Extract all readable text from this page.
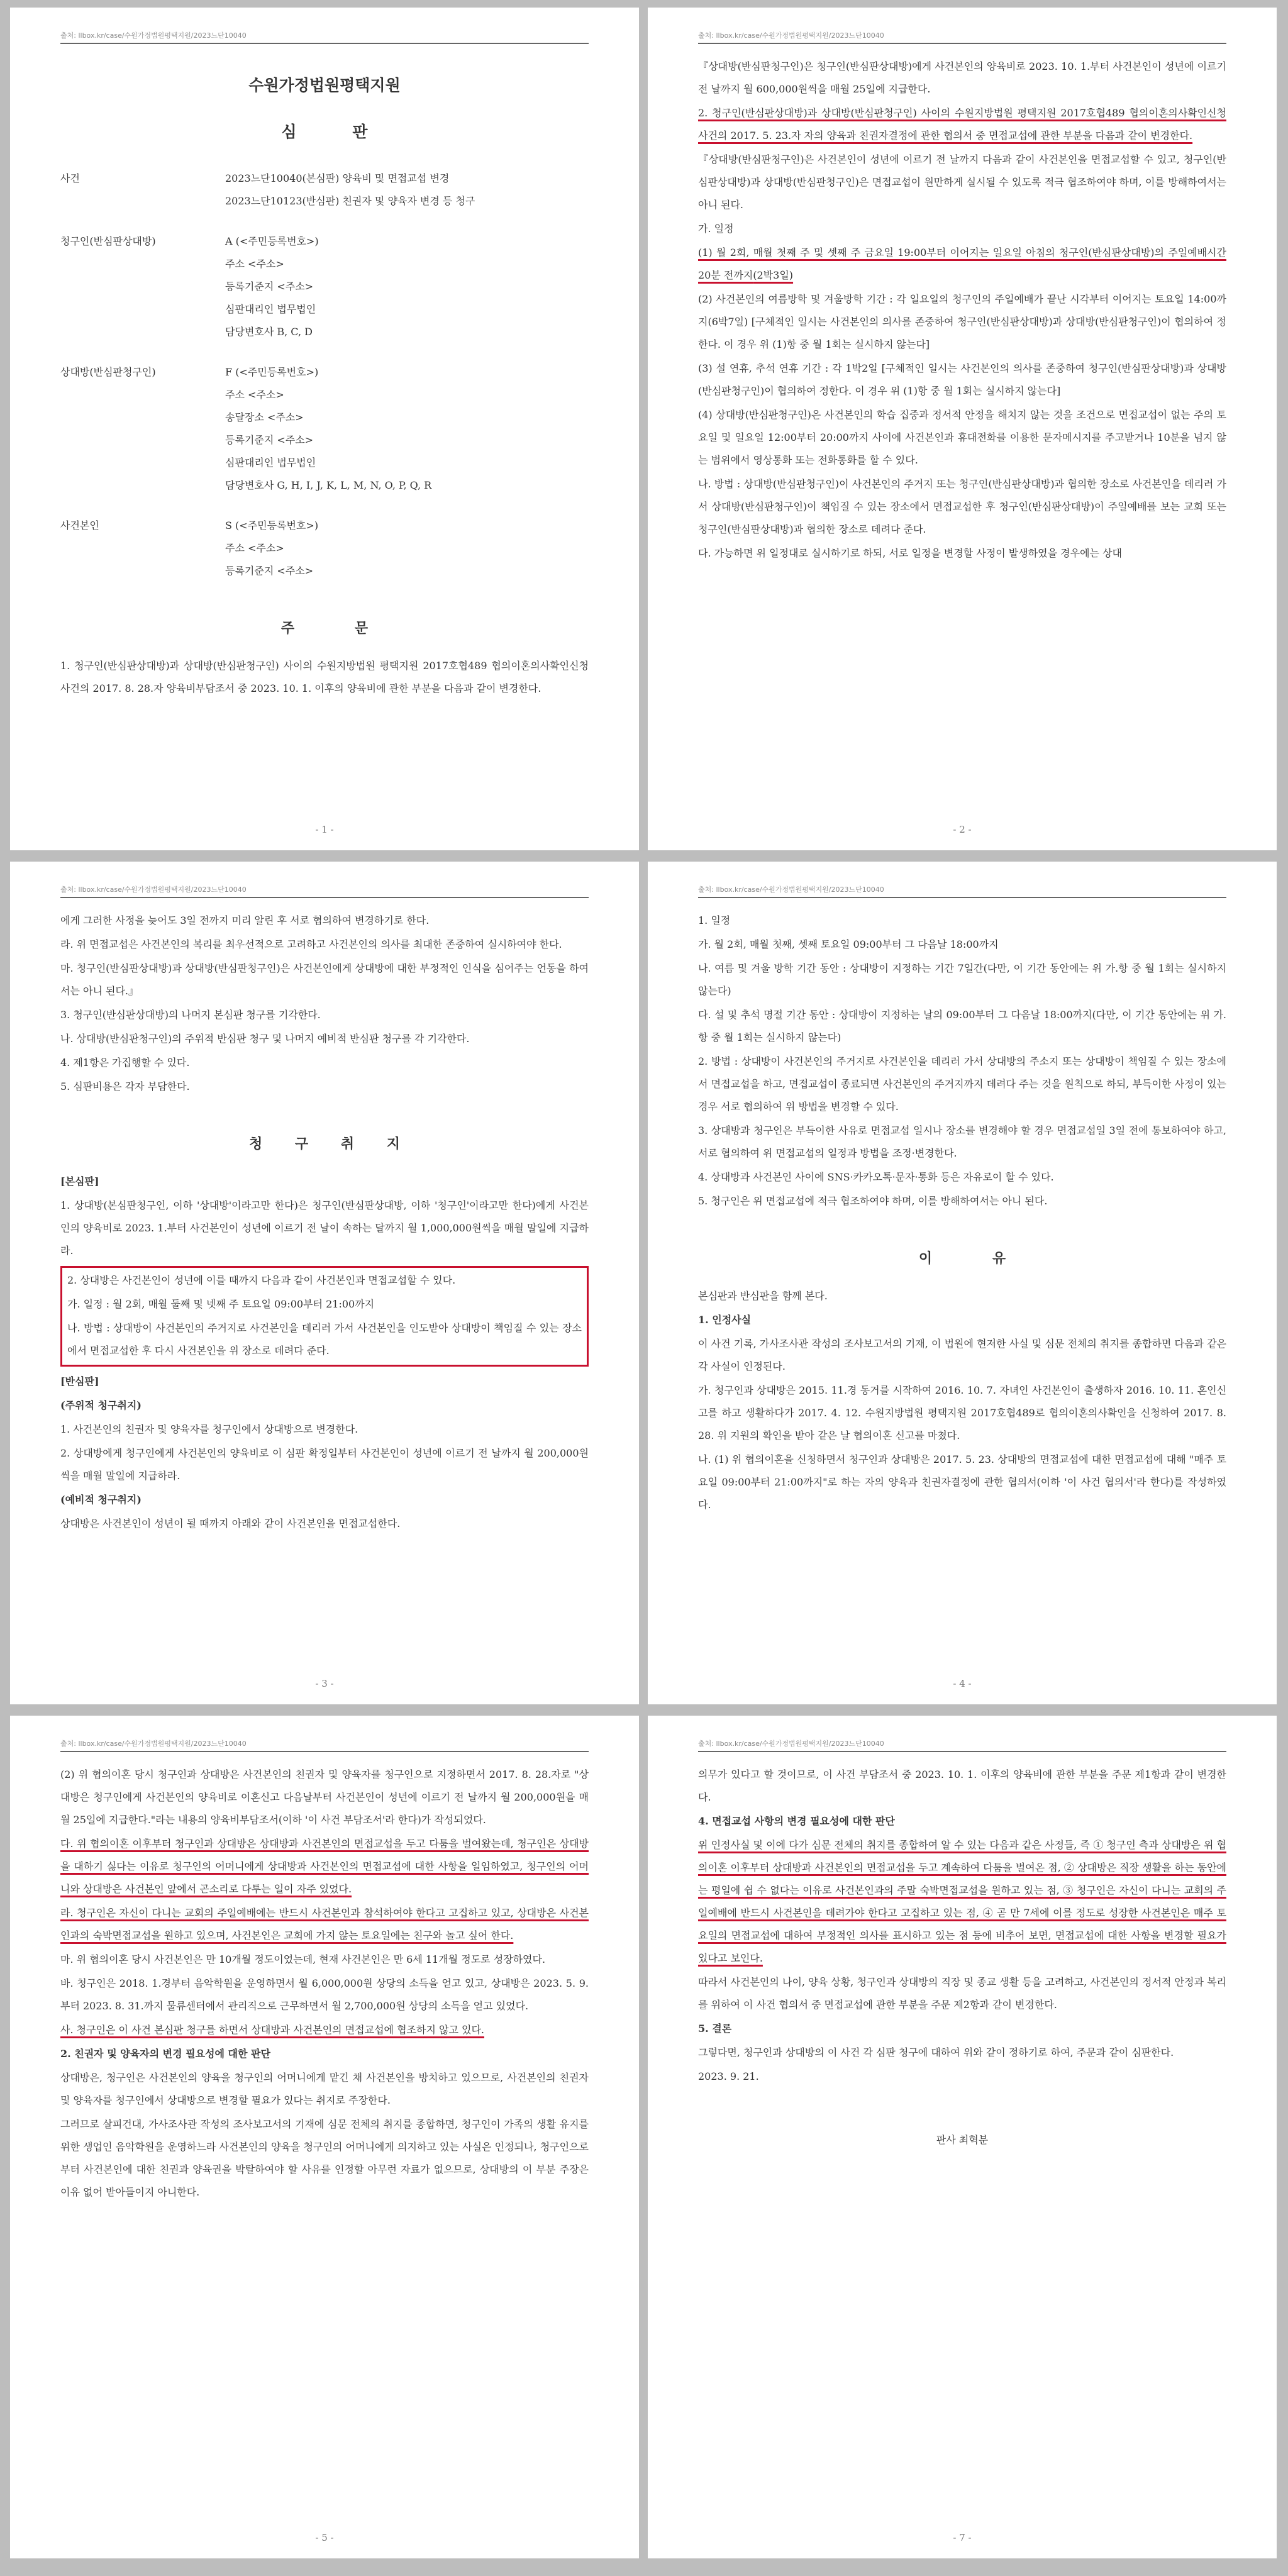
출처: llbox.kr/case/수원가정법원평택지원/2023느단10040
수원가정법원평택지원
심 판
사건	2023느단10040(본심판) 양육비 및 면접교섭 변경
2023느단10123(반심판) 친권자 및 양육자 변경 등 청구
청구인(반심판상대방)	A (<주민등록번호>)
주소 <주소>
등록기준지 <주소>
심판대리인 법무법인
담당변호사 B, C, D
상대방(반심판청구인)	F (<주민등록번호>)
주소 <주소>
송달장소 <주소>
등록기준지 <주소>
심판대리인 법무법인
담당변호사 G, H, I, J, K, L, M, N, O, P, Q, R
사건본인	S (<주민등록번호>)
주소 <주소>
등록기준지 <주소>
주 문

1. 청구인(반심판상대방)과 상대방(반심판청구인) 사이의 수원지방법원 평택지원 2017호협489 협의이혼의사확인신청 사건의 2017. 8. 28.자 양육비부담조서 중 2023. 10. 1. 이후의 양육비에 관한 부분을 다음과 같이 변경한다.

- 1 -
출처: llbox.kr/case/수원가정법원평택지원/2023느단10040

『상대방(반심판청구인)은 청구인(반심판상대방)에게 사건본인의 양육비로 2023. 10. 1.부터 사건본인이 성년에 이르기 전 날까지 월 600,000원씩을 매월 25일에 지급한다.

2. 청구인(반심판상대방)과 상대방(반심판청구인) 사이의 수원지방법원 평택지원 2017호협489 협의이혼의사확인신청 사건의 2017. 5. 23.자 자의 양육과 친권자결정에 관한 협의서 중 면접교섭에 관한 부분을 다음과 같이 변경한다.

『상대방(반심판청구인)은 사건본인이 성년에 이르기 전 날까지 다음과 같이 사건본인을 면접교섭할 수 있고, 청구인(반심판상대방)과 상대방(반심판청구인)은 면접교섭이 원만하게 실시될 수 있도록 적극 협조하여야 하며, 이를 방해하여서는 아니 된다.

가. 일정

(1) 월 2회, 매월 첫째 주 및 셋째 주 금요일 19:00부터 이어지는 일요일 아침의 청구인(반심판상대방)의 주일예배시간 20분 전까지(2박3일)

(2) 사건본인의 여름방학 및 겨울방학 기간 : 각 일요일의 청구인의 주일예배가 끝난 시각부터 이어지는 토요일 14:00까지(6박7일) [구체적인 일시는 사건본인의 의사를 존중하여 청구인(반심판상대방)과 상대방(반심판청구인)이 협의하여 정한다. 이 경우 위 (1)항 중 월 1회는 실시하지 않는다]

(3) 설 연휴, 추석 연휴 기간 : 각 1박2일 [구체적인 일시는 사건본인의 의사를 존중하여 청구인(반심판상대방)과 상대방(반심판청구인)이 협의하여 정한다. 이 경우 위 (1)항 중 월 1회는 실시하지 않는다]

(4) 상대방(반심판청구인)은 사건본인의 학습 집중과 정서적 안정을 해치지 않는 것을 조건으로 면접교섭이 없는 주의 토요일 및 일요일 12:00부터 20:00까지 사이에 사건본인과 휴대전화를 이용한 문자메시지를 주고받거나 10분을 넘지 않는 범위에서 영상통화 또는 전화통화를 할 수 있다.

나. 방법 : 상대방(반심판청구인)이 사건본인의 주거지 또는 청구인(반심판상대방)과 협의한 장소로 사건본인을 데리러 가서 상대방(반심판청구인)이 책임질 수 있는 장소에서 면접교섭한 후 청구인(반심판상대방)이 주일예배를 보는 교회 또는 청구인(반심판상대방)과 협의한 장소로 데려다 준다.

다. 가능하면 위 일정대로 실시하기로 하되, 서로 일정을 변경할 사정이 발생하였을 경우에는 상대

- 2 -
출처: llbox.kr/case/수원가정법원평택지원/2023느단10040

에게 그러한 사정을 늦어도 3일 전까지 미리 알린 후 서로 협의하여 변경하기로 한다.

라. 위 면접교섭은 사건본인의 복리를 최우선적으로 고려하고 사건본인의 의사를 최대한 존중하여 실시하여야 한다.

마. 청구인(반심판상대방)과 상대방(반심판청구인)은 사건본인에게 상대방에 대한 부정적인 인식을 심어주는 언동을 하여서는 아니 된다.』

3. 청구인(반심판상대방)의 나머지 본심판 청구를 기각한다.

나. 상대방(반심판청구인)의 주위적 반심판 청구 및 나머지 예비적 반심판 청구를 각 기각한다.

4. 제1항은 가집행할 수 있다.

5. 심판비용은 각자 부담한다.

청 구 취 지

[본심판]

1. 상대방(본심판청구인, 이하 '상대방'이라고만 한다)은 청구인(반심판상대방, 이하 '청구인'이라고만 한다)에게 사건본인의 양육비로 2023. 1.부터 사건본인이 성년에 이르기 전 날이 속하는 달까지 월 1,000,000원씩을 매월 말일에 지급하라.

2. 상대방은 사건본인이 성년에 이를 때까지 다음과 같이 사건본인과 면접교섭할 수 있다.

가. 일정 : 월 2회, 매월 둘째 및 넷째 주 토요일 09:00부터 21:00까지

나. 방법 : 상대방이 사건본인의 주거지로 사건본인을 데리러 가서 사건본인을 인도받아 상대방이 책임질 수 있는 장소에서 면접교섭한 후 다시 사건본인을 위 장소로 데려다 준다.

[반심판]

(주위적 청구취지)

1. 사건본인의 친권자 및 양육자를 청구인에서 상대방으로 변경한다.

2. 상대방에게 청구인에게 사건본인의 양육비로 이 심판 확정일부터 사건본인이 성년에 이르기 전 날까지 월 200,000원씩을 매월 말일에 지급하라.

(예비적 청구취지)

상대방은 사건본인이 성년이 될 때까지 아래와 같이 사건본인을 면접교섭한다.

- 3 -
출처: llbox.kr/case/수원가정법원평택지원/2023느단10040

1. 일정

가. 월 2회, 매월 첫째, 셋째 토요일 09:00부터 그 다음날 18:00까지

나. 여름 및 겨울 방학 기간 동안 : 상대방이 지정하는 기간 7일간(다만, 이 기간 동안에는 위 가.항 중 월 1회는 실시하지 않는다)

다. 설 및 추석 명절 기간 동안 : 상대방이 지정하는 날의 09:00부터 그 다음날 18:00까지(다만, 이 기간 동안에는 위 가.항 중 월 1회는 실시하지 않는다)

2. 방법 : 상대방이 사건본인의 주거지로 사건본인을 데리러 가서 상대방의 주소지 또는 상대방이 책임질 수 있는 장소에서 면접교섭을 하고, 면접교섭이 종료되면 사건본인의 주거지까지 데려다 주는 것을 원칙으로 하되, 부득이한 사정이 있는 경우 서로 협의하여 위 방법을 변경할 수 있다.

3. 상대방과 청구인은 부득이한 사유로 면접교섭 일시나 장소를 변경해야 할 경우 면접교섭일 3일 전에 통보하여야 하고, 서로 협의하여 위 면접교섭의 일정과 방법을 조정·변경한다.

4. 상대방과 사건본인 사이에 SNS·카카오톡·문자·통화 등은 자유로이 할 수 있다.

5. 청구인은 위 면접교섭에 적극 협조하여야 하며, 이를 방해하여서는 아니 된다.

이 유

본심판과 반심판을 함께 본다.

1. 인정사실

이 사건 기록, 가사조사관 작성의 조사보고서의 기재, 이 법원에 현저한 사실 및 심문 전체의 취지를 종합하면 다음과 같은 각 사실이 인정된다.

가. 청구인과 상대방은 2015. 11.경 동거를 시작하여 2016. 10. 7. 자녀인 사건본인이 출생하자 2016. 10. 11. 혼인신고를 하고 생활하다가 2017. 4. 12. 수원지방법원 평택지원 2017호협489로 협의이혼의사확인을 신청하여 2017. 8. 28. 위 지원의 확인을 받아 같은 날 협의이혼 신고를 마쳤다.

나. (1) 위 협의이혼을 신청하면서 청구인과 상대방은 2017. 5. 23. 상대방의 면접교섭에 대한 면접교섭에 대해 "매주 토요일 09:00부터 21:00까지"로 하는 자의 양육과 친권자결정에 관한 협의서(이하 '이 사건 협의서'라 한다)를 작성하였다.

- 4 -
출처: llbox.kr/case/수원가정법원평택지원/2023느단10040

(2) 위 협의이혼 당시 청구인과 상대방은 사건본인의 친권자 및 양육자를 청구인으로 지정하면서 2017. 8. 28.자로 "상대방은 청구인에게 사건본인의 양육비로 이혼신고 다음날부터 사건본인이 성년에 이르기 전 날까지 월 200,000원을 매월 25일에 지급한다."라는 내용의 양육비부담조서(이하 '이 사건 부담조서'라 한다)가 작성되었다.

다. 위 협의이혼 이후부터 청구인과 상대방은 상대방과 사건본인의 면접교섭을 두고 다툼을 벌여왔는데, 청구인은 상대방을 대하기 싫다는 이유로 청구인의 어머니에게 상대방과 사건본인의 면접교섭에 대한 사항을 일임하였고, 청구인의 어머니와 상대방은 사건본인 앞에서 곤소리로 다투는 일이 자주 있었다.

라. 청구인은 자신이 다니는 교회의 주일예배에는 반드시 사건본인과 참석하여야 한다고 고집하고 있고, 상대방은 사건본인과의 숙박면접교섭을 원하고 있으며, 사건본인은 교회에 가지 않는 토요일에는 친구와 놀고 싶어 한다.

마. 위 협의이혼 당시 사건본인은 만 10개월 정도이었는데, 현재 사건본인은 만 6세 11개월 정도로 성장하였다.

바. 청구인은 2018. 1.경부터 음악학원을 운영하면서 월 6,000,000원 상당의 소득을 얻고 있고, 상대방은 2023. 5. 9.부터 2023. 8. 31.까지 물류센터에서 관리직으로 근무하면서 월 2,700,000원 상당의 소득을 얻고 있었다.

사. 청구인은 이 사건 본심판 청구를 하면서 상대방과 사건본인의 면접교섭에 협조하지 않고 있다.

2. 친권자 및 양육자의 변경 필요성에 대한 판단

상대방은, 청구인은 사건본인의 양육을 청구인의 어머니에게 맡긴 채 사건본인을 방치하고 있으므로, 사건본인의 친권자 및 양육자를 청구인에서 상대방으로 변경할 필요가 있다는 취지로 주장한다.

그러므로 살피건대, 가사조사관 작성의 조사보고서의 기재에 심문 전체의 취지를 종합하면, 청구인이 가족의 생활 유지를 위한 생업인 음악학원을 운영하느라 사건본인의 양육을 청구인의 어머니에게 의지하고 있는 사실은 인정되나, 청구인으로부터 사건본인에 대한 친권과 양육권을 박탈하여야 할 사유를 인정할 아무런 자료가 없으므로, 상대방의 이 부분 주장은 이유 없어 받아들이지 아니한다.

- 5 -
출처: llbox.kr/case/수원가정법원평택지원/2023느단10040

의무가 있다고 할 것이므로, 이 사건 부담조서 중 2023. 10. 1. 이후의 양육비에 관한 부분을 주문 제1항과 같이 변경한다.

4. 면접교섭 사항의 변경 필요성에 대한 판단

위 인정사실 및 이에 다가 심문 전체의 취지를 종합하여 알 수 있는 다음과 같은 사정들, 즉 ① 청구인 측과 상대방은 위 협의이혼 이후부터 상대방과 사건본인의 면접교섭을 두고 계속하여 다툼을 벌여온 점, ② 상대방은 직장 생활을 하는 동안에는 평일에 쉽 수 없다는 이유로 사건본인과의 주말 숙박면접교섭을 원하고 있는 점, ③ 청구인은 자신이 다니는 교회의 주일예배에 반드시 사건본인을 데려가야 한다고 고집하고 있는 점, ④ 곧 만 7세에 이를 정도로 성장한 사건본인은 매주 토요일의 면접교섭에 대하여 부정적인 의사를 표시하고 있는 점 등에 비추어 보면, 면접교섭에 대한 사항을 변경할 필요가 있다고 보인다.

따라서 사건본인의 나이, 양육 상황, 청구인과 상대방의 직장 및 종교 생활 등을 고려하고, 사건본인의 정서적 안정과 복리를 위하여 이 사건 협의서 중 면접교섭에 관한 부분을 주문 제2항과 같이 변경한다.

5. 결론

그렇다면, 청구인과 상대방의 이 사건 각 심판 청구에 대하여 위와 같이 정하기로 하여, 주문과 같이 심판한다.

2023. 9. 21.

판사 최혁분
- 7 -
